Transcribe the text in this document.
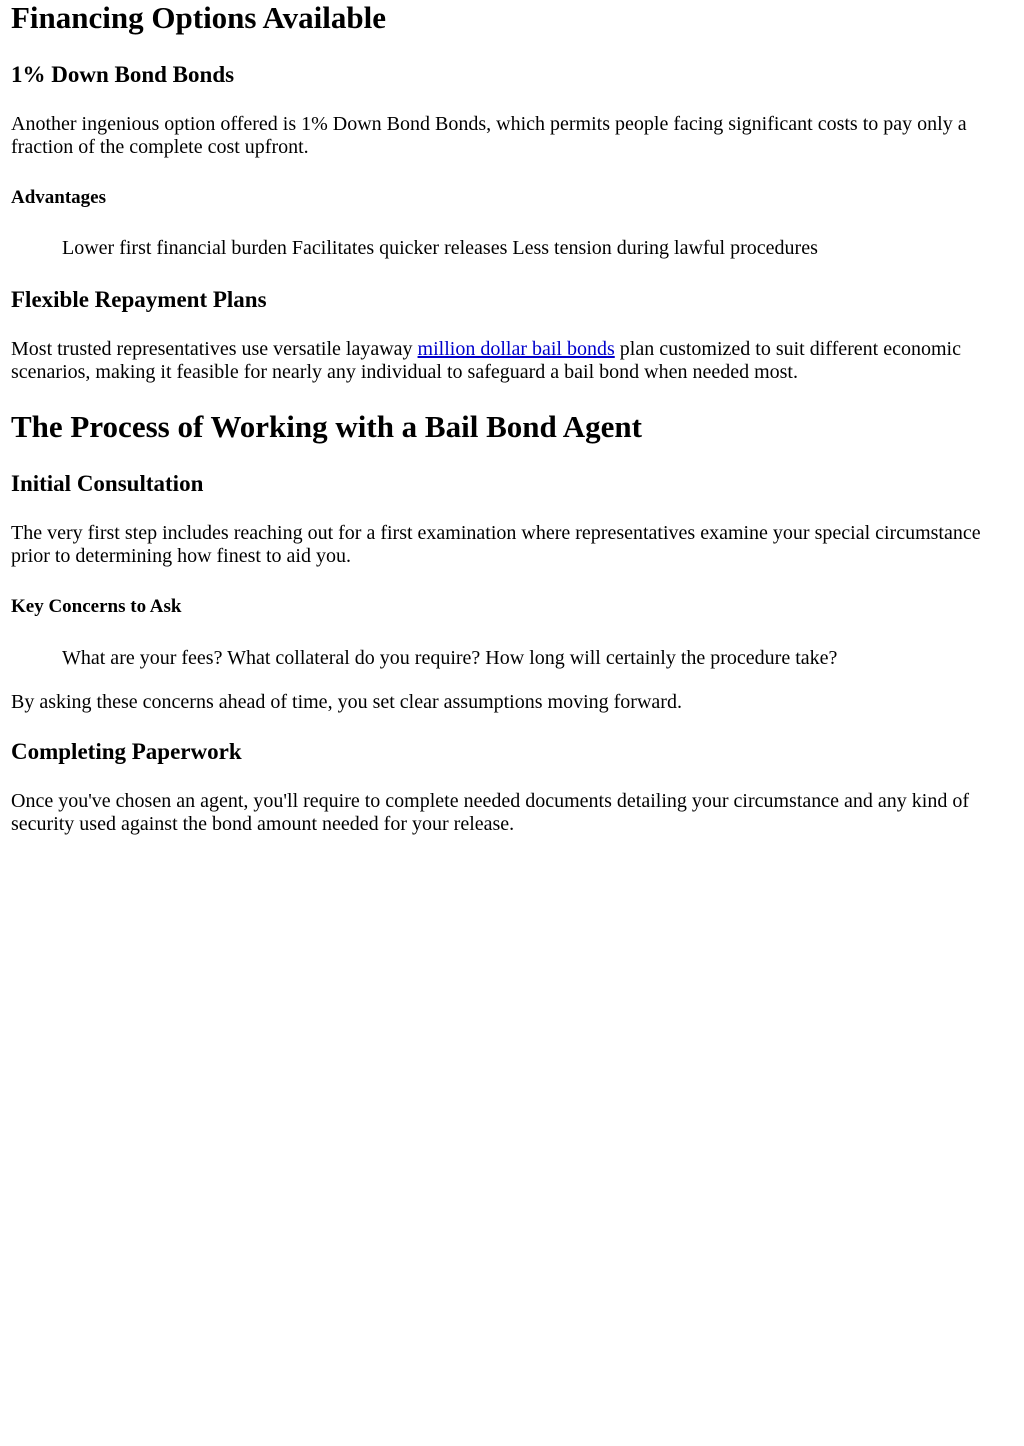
Financing Options Available
1% Down Bond Bonds

Another ingenious option offered is 1% Down Bond Bonds, which permits people facing significant costs to pay only a fraction of the complete cost upfront.

Advantages
Lower first financial burden Facilitates quicker releases Less tension during lawful procedures
Flexible Repayment Plans

Most trusted representatives use versatile layaway million dollar bail bonds plan customized to suit different economic scenarios, making it feasible for nearly any individual to safeguard a bail bond when needed most.

The Process of Working with a Bail Bond Agent
Initial Consultation

The very first step includes reaching out for a first examination where representatives examine your special circumstance prior to determining how finest to aid you.

Key Concerns to Ask
What are your fees? What collateral do you require? How long will certainly the procedure take?

By asking these concerns ahead of time, you set clear assumptions moving forward.

Completing Paperwork

Once you've chosen an agent, you'll require to complete needed documents detailing your circumstance and any kind of security used against the bond amount needed for your release.
